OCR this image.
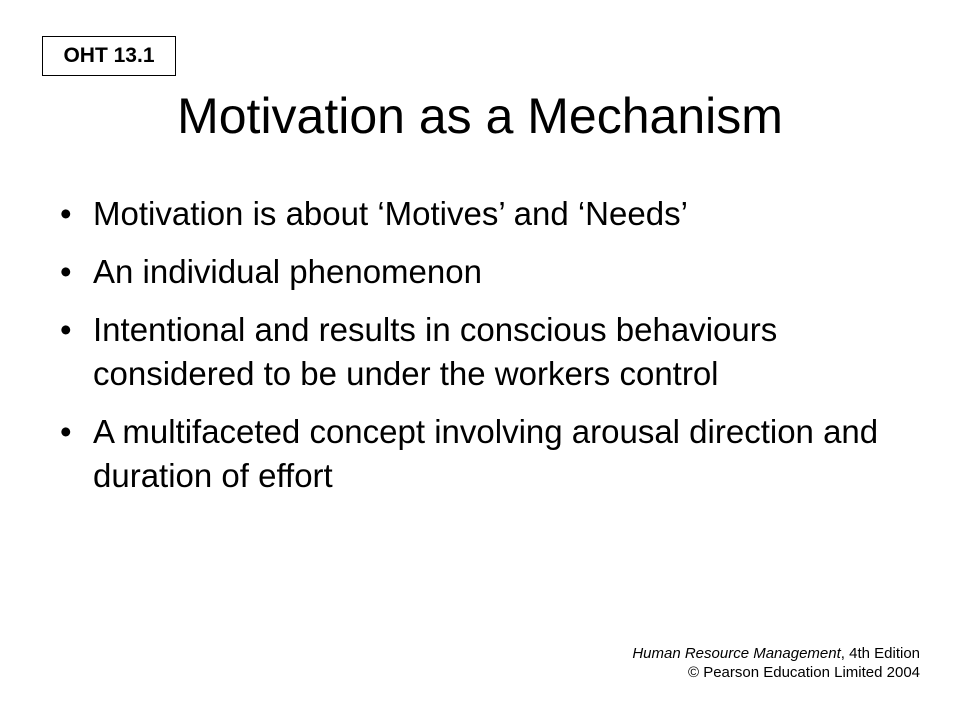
OHT 13.1
Motivation as a Mechanism
• Motivation is about ‘Motives’ and ‘Needs’
• An individual phenomenon
• Intentional and results in conscious behaviours considered to be under the workers control
• A multifaceted concept involving arousal direction and duration of effort
Human Resource Management, 4th Edition
© Pearson Education Limited 2004
